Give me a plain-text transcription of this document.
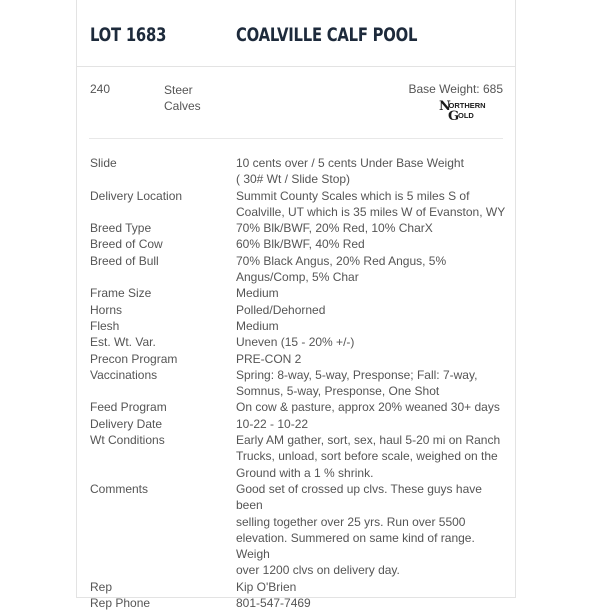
LOT 1683	COALVILLE CALF POOL
240	Steer
Calves
Base Weight: 685
N
ORTHERN
G
OLD
Slide	10 cents over / 5 cents Under Base Weight
( 30# Wt / Slide Stop)
Delivery Location	Summit County Scales which is 5 miles S of
Coalville, UT which is 35 miles W of Evanston, WY
Breed Type	70% Blk/BWF, 20% Red, 10% CharX
Breed of Cow	60% Blk/BWF, 40% Red
Breed of Bull	70% Black Angus, 20% Red Angus, 5%
Angus/Comp, 5% Char
Frame Size	Medium
Horns	Polled/Dehorned
Flesh	Medium
Est. Wt. Var.	Uneven (15 - 20% +/-)
Precon Program	PRE-CON 2
Vaccinations	Spring: 8-way, 5-way, Presponse; Fall: 7-way,
Somnus, 5-way, Presponse, One Shot
Feed Program	On cow & pasture, approx 20% weaned 30+ days
Delivery Date	10-22 - 10-22
Wt Conditions	Early AM gather, sort, sex, haul 5-20 mi on Ranch
Trucks, unload, sort before scale, weighed on the
Ground with a 1 % shrink.
Comments	Good set of crossed up clvs. These guys have been
selling together over 25 yrs. Run over 5500
elevation. Summered on same kind of range. Weigh
over 1200 clvs on delivery day.
Rep	Kip O'Brien
Rep Phone	801-547-7469
